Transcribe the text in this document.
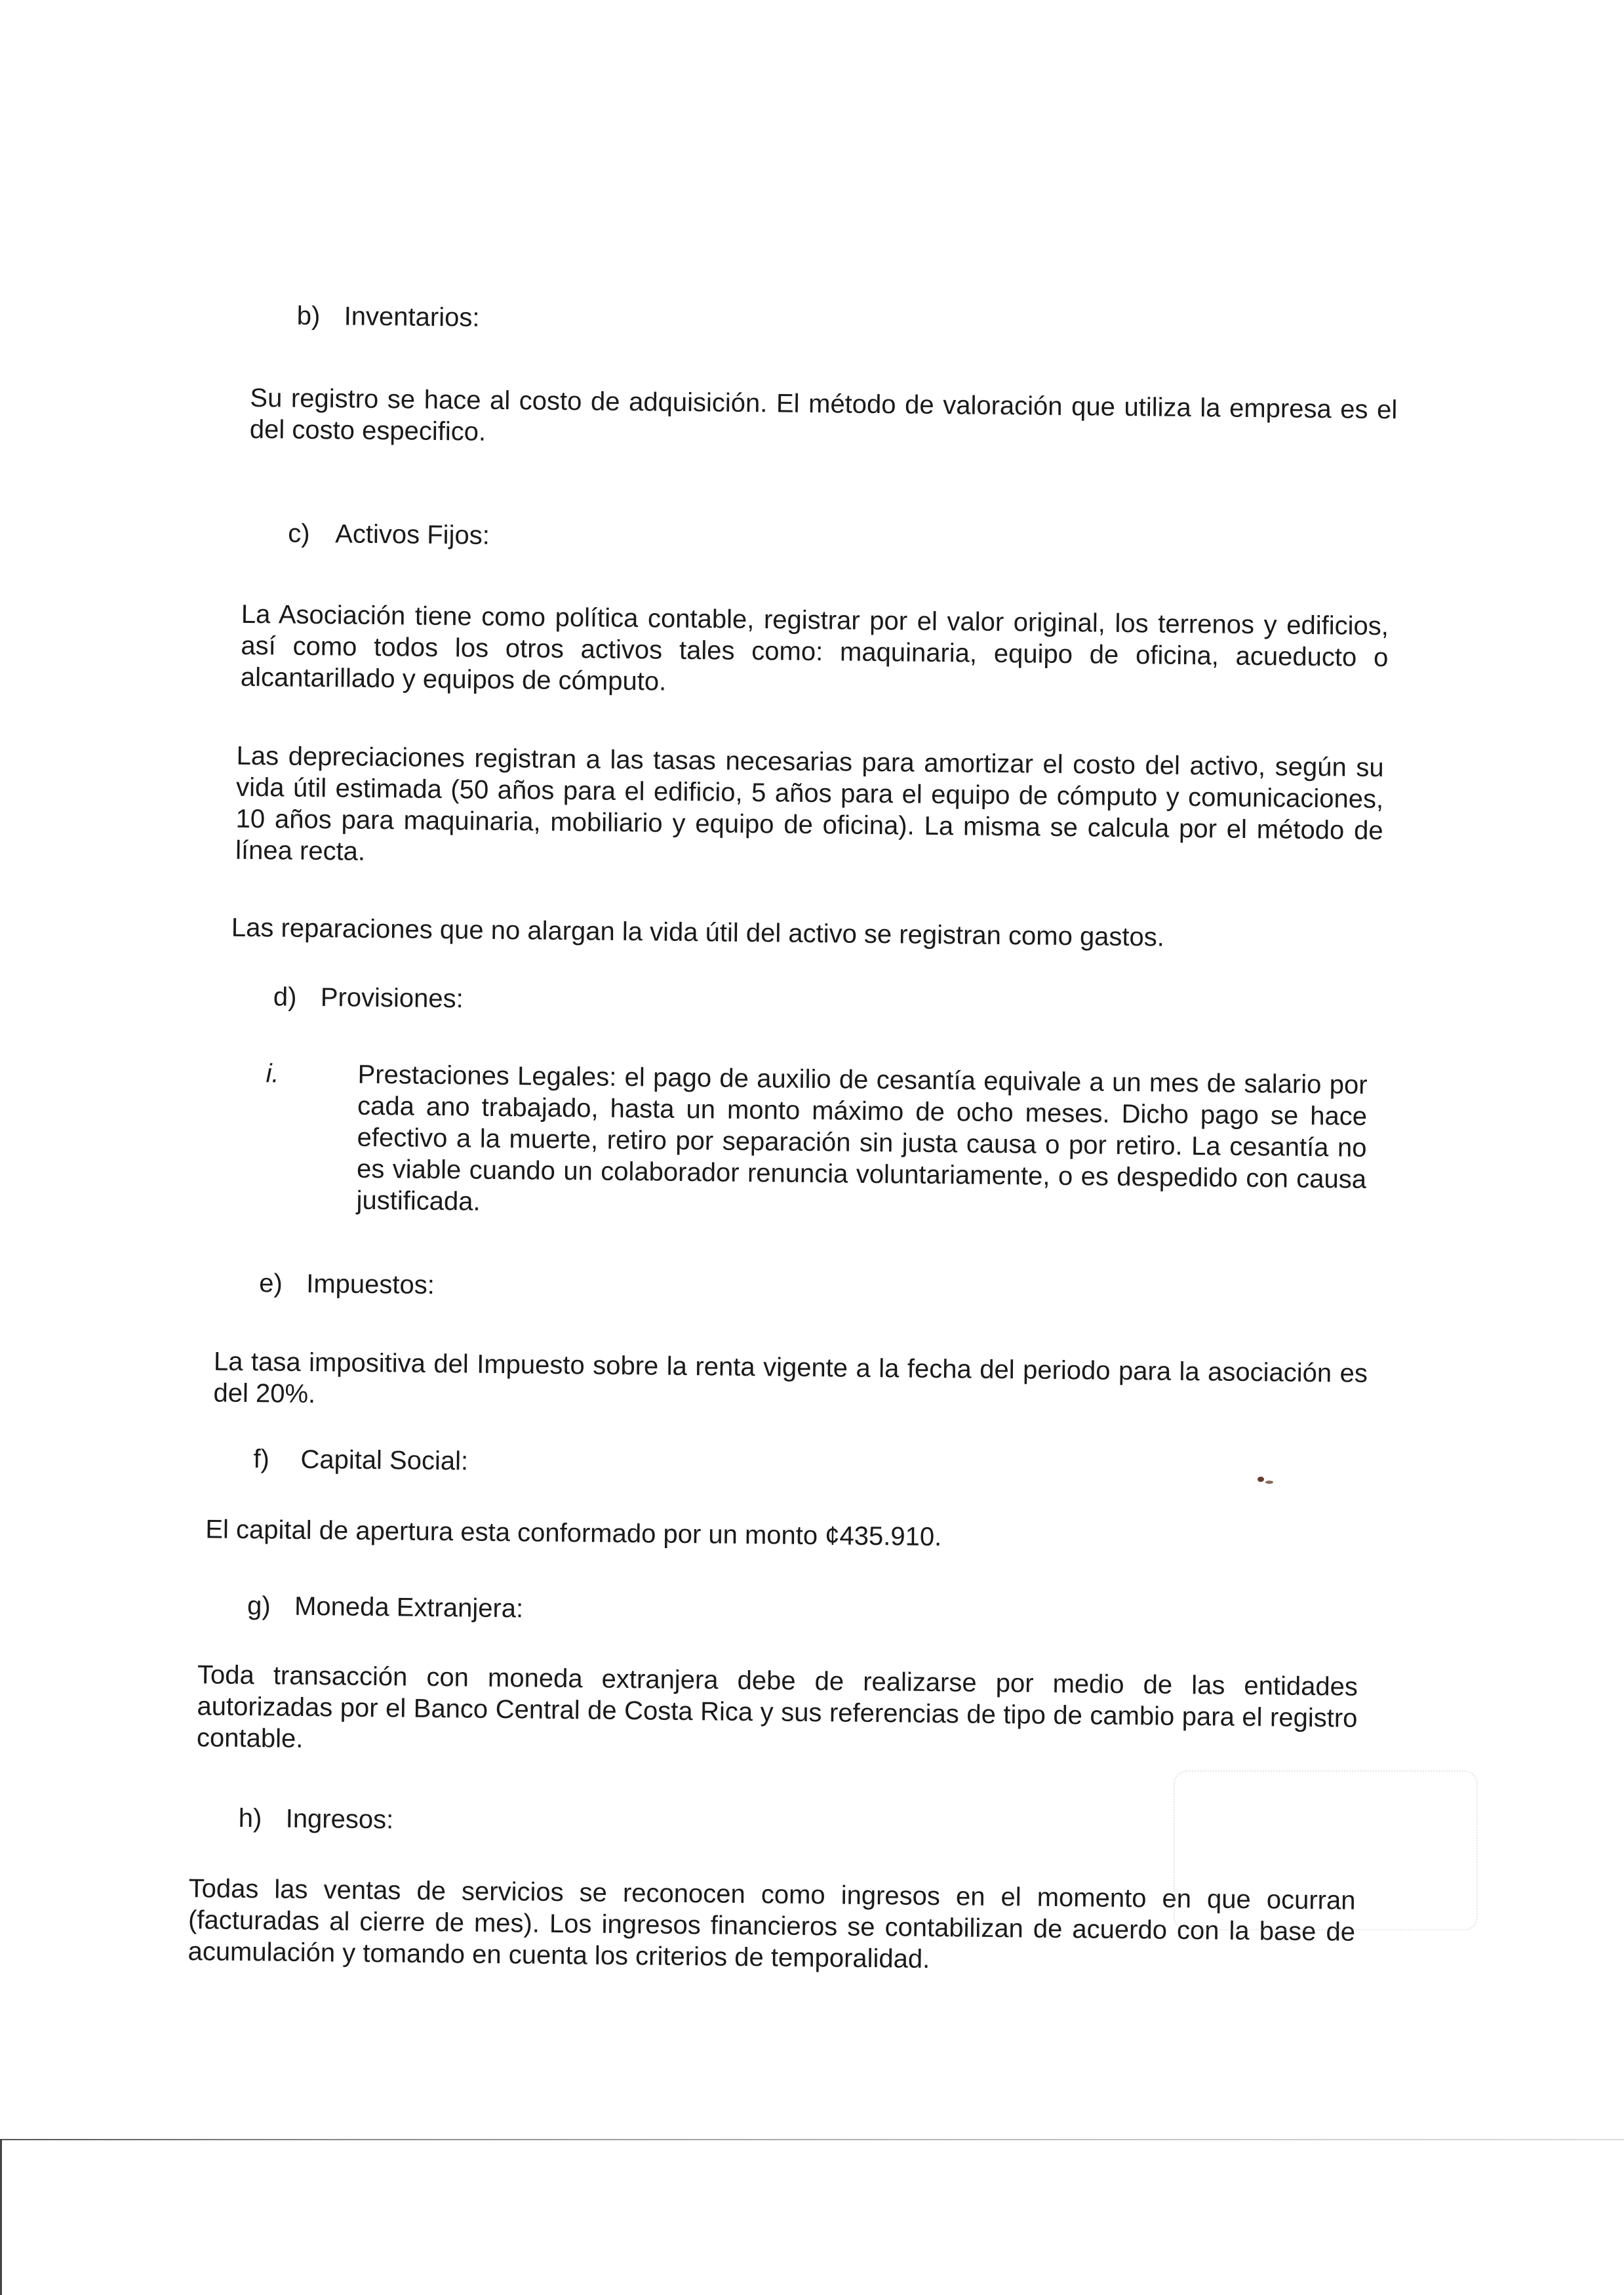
b) Inventarios:
Su registro se hace al costo de adquisición. El método de valoración que utiliza la empresa es el del costo especifico.
c) Activos Fijos:
La Asociación tiene como política contable, registrar por el valor original, los terrenos y edificios, así como todos los otros activos tales como: maquinaria, equipo de oficina, acueducto o alcantarillado y equipos de cómputo.
Las depreciaciones registran a las tasas necesarias para amortizar el costo del activo, según su vida útil estimada (50 años para el edificio, 5 años para el equipo de cómputo y comunicaciones, 10 años para maquinaria, mobiliario y equipo de oficina). La misma se calcula por el método de línea recta.
Las reparaciones que no alargan la vida útil del activo se registran como gastos.
d) Provisiones:
i.	Prestaciones Legales: el pago de auxilio de cesantía equivale a un mes de salario por cada ano trabajado, hasta un monto máximo de ocho meses. Dicho pago se hace efectivo a la muerte, retiro por separación sin justa causa o por retiro. La cesantía no es viable cuando un colaborador renuncia voluntariamente, o es despedido con causa justificada.
e) Impuestos:
La tasa impositiva del Impuesto sobre la renta vigente a la fecha del periodo para la asociación es del 20%.
f) Capital Social:
El capital de apertura esta conformado por un monto ¢435.910.
g) Moneda Extranjera:
Toda transacción con moneda extranjera debe de realizarse por medio de las entidades autorizadas por el Banco Central de Costa Rica y sus referencias de tipo de cambio para el registro contable.
h) Ingresos:
Todas las ventas de servicios se reconocen como ingresos en el momento en que ocurran (facturadas al cierre de mes). Los ingresos financieros se contabilizan de acuerdo con la base de acumulación y tomando en cuenta los criterios de temporalidad.
